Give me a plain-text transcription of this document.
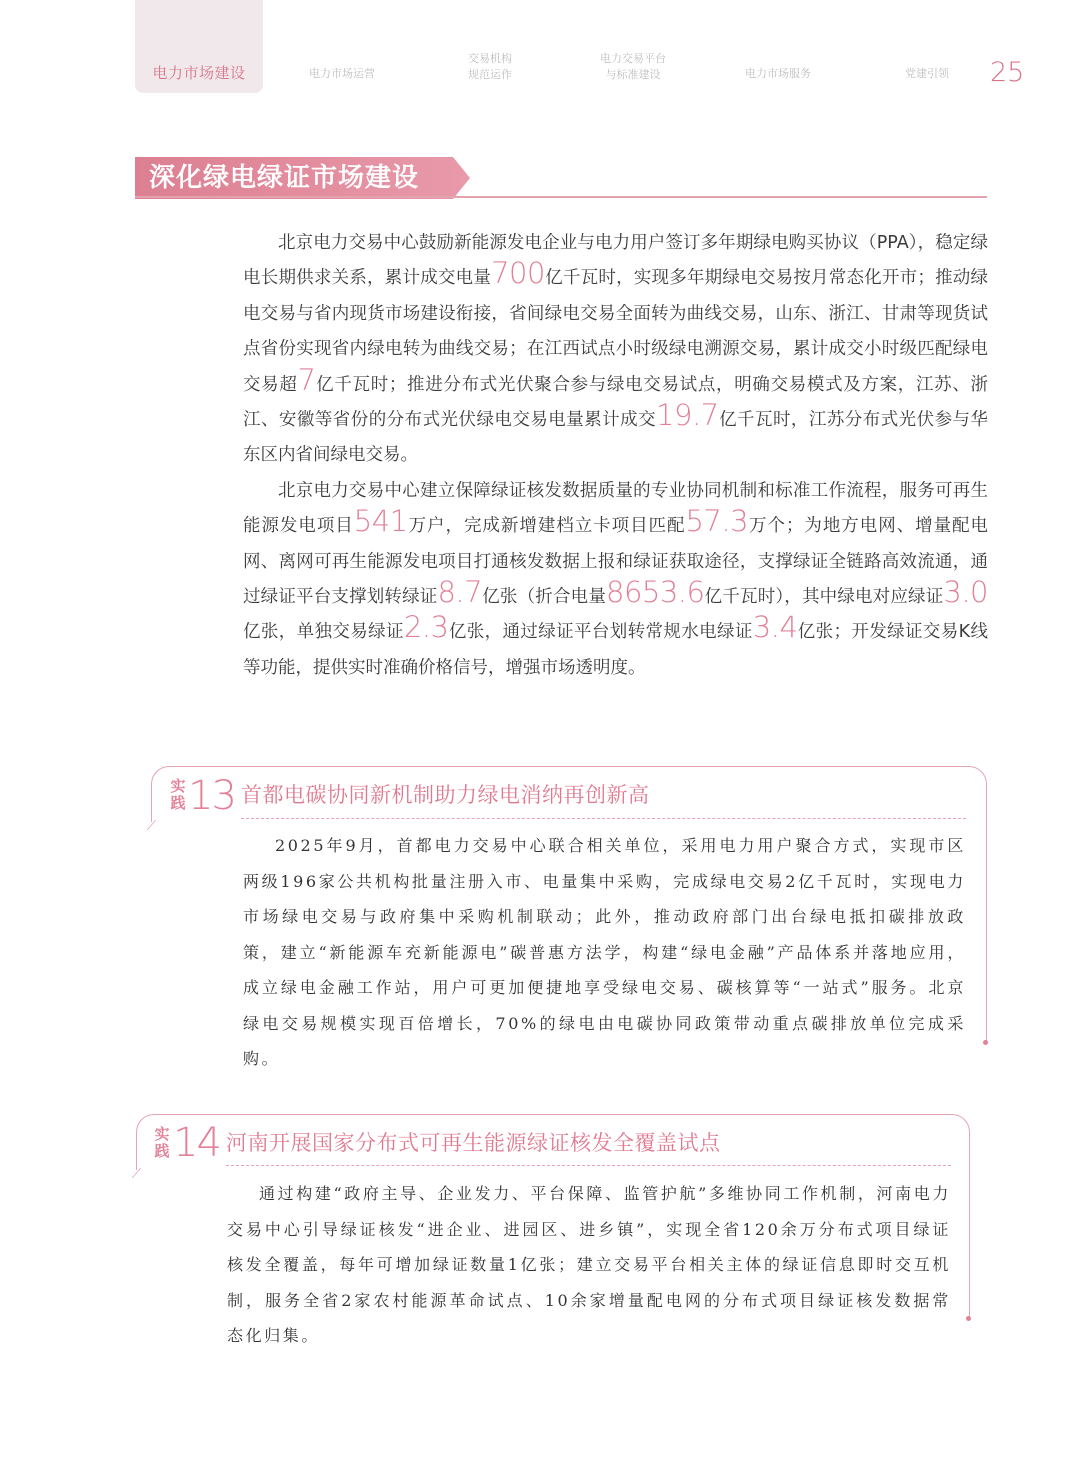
电力市场建设	电力市场运营
交易机构
规范运作
电力交易平台
与标准建设	电力市场服务	党建引领	25
深化绿电绿证市场建设

北京电力交易中心鼓励新能源发电企业与电力用户签订多年期绿电购买协议（PPA），稳定绿电长期供求关系，累计成交电量700亿千瓦时，实现多年期绿电交易按月常态化开市；推动绿电交易与省内现货市场建设衔接，省间绿电交易全面转为曲线交易，山东、浙江、甘肃等现货试点省份实现省内绿电转为曲线交易；在江西试点小时级绿电溯源交易，累计成交小时级匹配绿电交易超7亿千瓦时；推进分布式光伏聚合参与绿电交易试点，明确交易模式及方案，江苏、浙江、安徽等省份的分布式光伏绿电交易电量累计成交19.7亿千瓦时，江苏分布式光伏参与华东区内省间绿电交易。

北京电力交易中心建立保障绿证核发数据质量的专业协同机制和标准工作流程，服务可再生能源发电项目541万户，完成新增建档立卡项目匹配57.3万个；为地方电网、增量配电网、离网可再生能源发电项目打通核发数据上报和绿证获取途径，支撑绿证全链路高效流通，通过绿证平台支撑划转绿证8.7亿张（折合电量8653.6亿千瓦时），其中绿电对应绿证3.0亿张，单独交易绿证2.3亿张，通过绿证平台划转常规水电绿证3.4亿张；开发绿证交易K线等功能，提供实时准确价格信号，增强市场透明度。

实
践 13 首都电碳协同新机制助力绿电消纳再创新高

2025年9月，首都电力交易中心联合相关单位，采用电力用户聚合方式，实现市区两级196家公共机构批量注册入市、电量集中采购，完成绿电交易2亿千瓦时，实现电力市场绿电交易与政府集中采购机制联动；此外，推动政府部门出台绿电抵扣碳排放政策，建立“新能源车充新能源电”碳普惠方法学，构建“绿电金融”产品体系并落地应用，成立绿电金融工作站，用户可更加便捷地享受绿电交易、碳核算等“一站式”服务。北京绿电交易规模实现百倍增长，70%的绿电由电碳协同政策带动重点碳排放单位完成采购。

实
践 14 河南开展国家分布式可再生能源绿证核发全覆盖试点

通过构建“政府主导、企业发力、平台保障、监管护航”多维协同工作机制，河南电力交易中心引导绿证核发“进企业、进园区、进乡镇”，实现全省120余万分布式项目绿证核发全覆盖，每年可增加绿证数量1亿张；建立交易平台相关主体的绿证信息即时交互机制，服务全省2家农村能源革命试点、10余家增量配电网的分布式项目绿证核发数据常态化归集。
